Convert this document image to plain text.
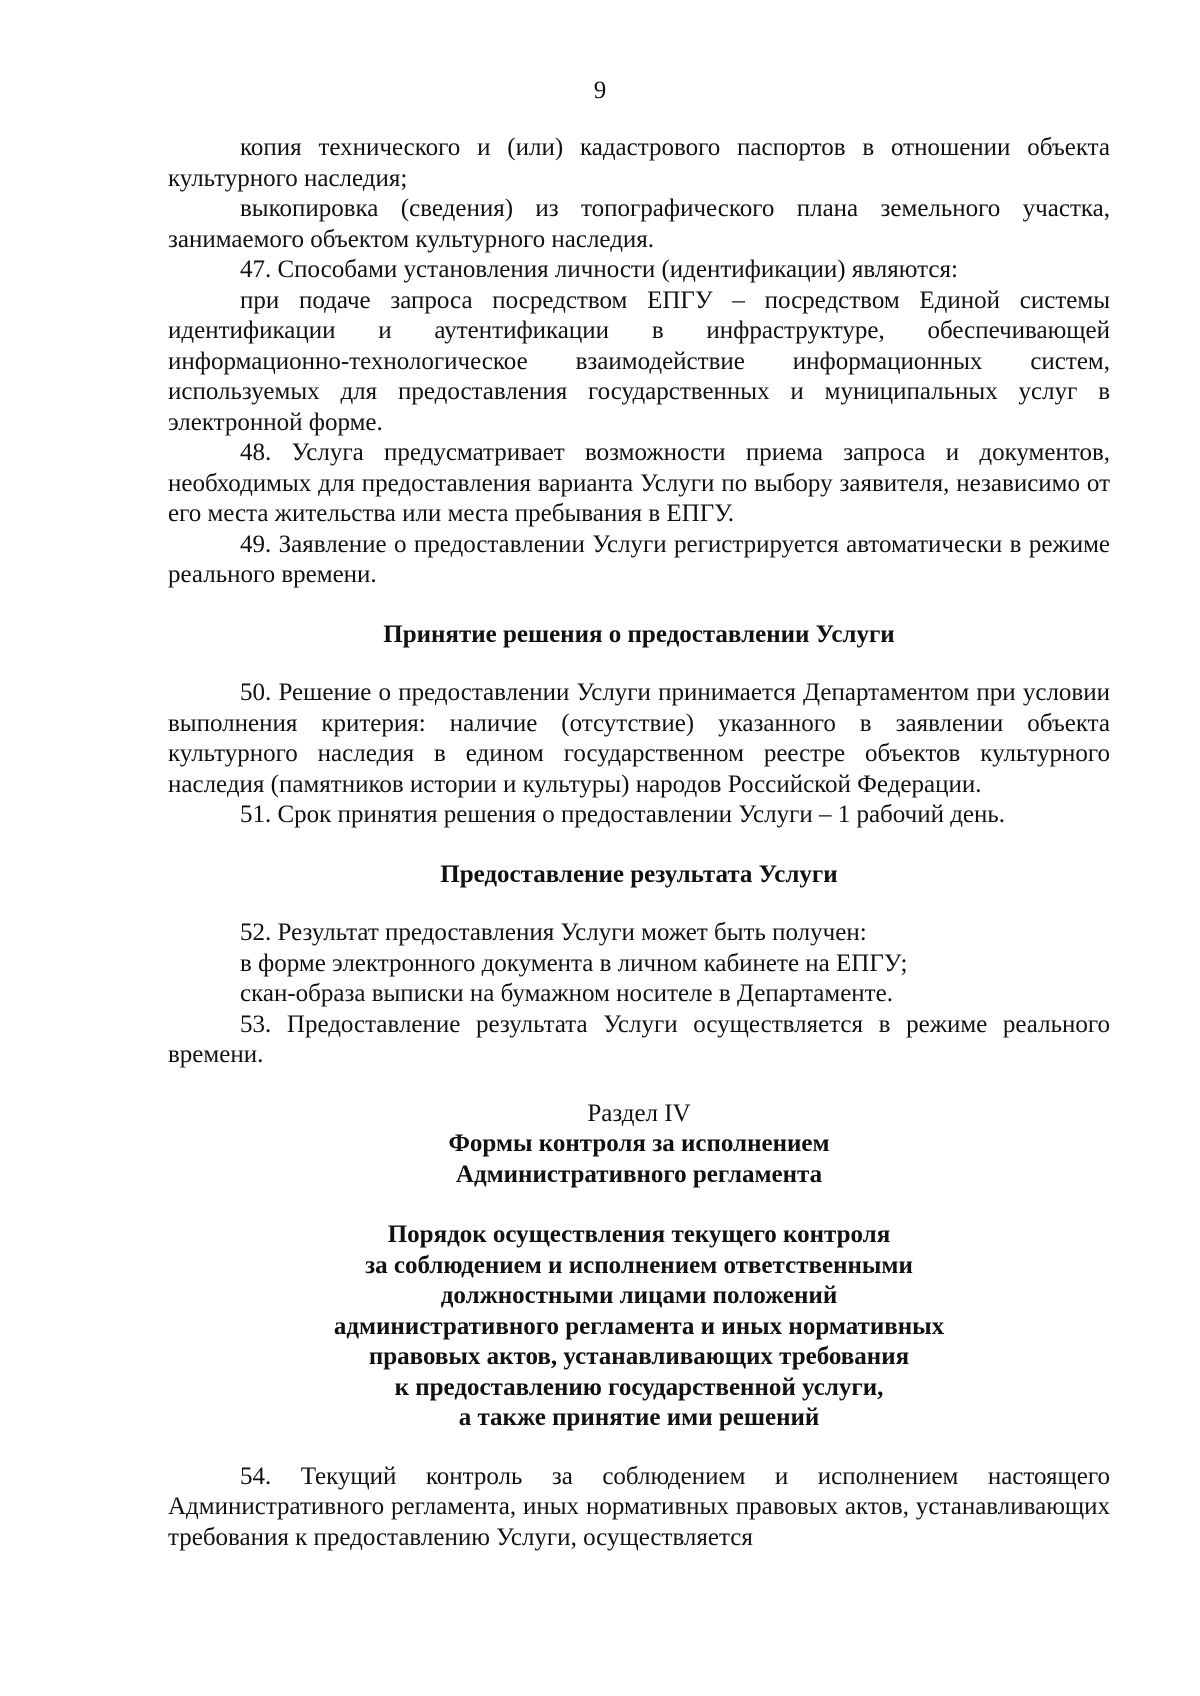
9

копия технического и (или) кадастрового паспортов в отношении объекта культурного наследия;

выкопировка (сведения) из топографического плана земельного участка, занимаемого объектом культурного наследия.

47. Способами установления личности (идентификации) являются:

при подаче запроса посредством ЕПГУ – посредством Единой системы идентификации и аутентификации в инфраструктуре, обеспечивающей информационно-технологическое взаимодействие информационных систем, используемых для предоставления государственных и муниципальных услуг в электронной форме.

48. Услуга предусматривает возможности приема запроса и документов, необходимых для предоставления варианта Услуги по выбору заявителя, независимо от его места жительства или места пребывания в ЕПГУ.

49. Заявление о предоставлении Услуги регистрируется автоматически в режиме реального времени.

Принятие решения о предоставлении Услуги

50. Решение о предоставлении Услуги принимается Департаментом при условии выполнения критерия: наличие (отсутствие) указанного в заявлении объекта культурного наследия в едином государственном реестре объектов культурного наследия (памятников истории и культуры) народов Российской Федерации.

51. Срок принятия решения о предоставлении Услуги – 1 рабочий день.

Предоставление результата Услуги

52. Результат предоставления Услуги может быть получен:

в форме электронного документа в личном кабинете на ЕПГУ;

скан-образа выписки на бумажном носителе в Департаменте.

53. Предоставление результата Услуги осуществляется в режиме реального времени.

Раздел IV

Формы контроля за исполнением

Административного регламента

Порядок осуществления текущего контроля

за соблюдением и исполнением ответственными

должностными лицами положений

административного регламента и иных нормативных

правовых актов, устанавливающих требования

к предоставлению государственной услуги,

а также принятие ими решений

54. Текущий контроль за соблюдением и исполнением настоящего Административного регламента, иных нормативных правовых актов, устанавливающих требования к предоставлению Услуги, осуществляется
